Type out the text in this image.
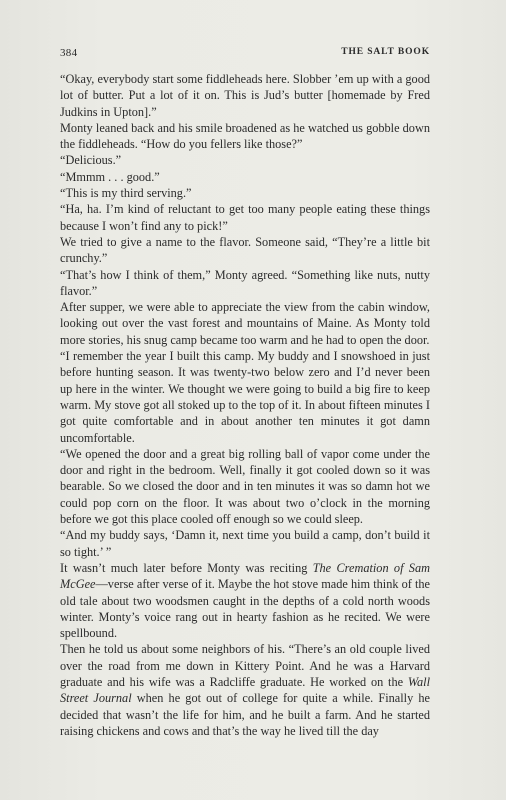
384	THE SALT BOOK

“Okay, everybody start some fiddleheads here. Slobber ’em up with a good lot of butter. Put a lot of it on. This is Jud’s butter [homemade by Fred Judkins in Upton].”

Monty leaned back and his smile broadened as he watched us gobble down the fiddleheads. “How do you fellers like those?”

“Delicious.”

“Mmmm . . . good.”

“This is my third serving.”

“Ha, ha. I’m kind of reluctant to get too many people eating these things because I won’t find any to pick!”

We tried to give a name to the flavor. Someone said, “They’re a little bit crunchy.”

“That’s how I think of them,” Monty agreed. “Something like nuts, nutty flavor.”

After supper, we were able to appreciate the view from the cabin window, looking out over the vast forest and mountains of Maine. As Monty told more stories, his snug camp became too warm and he had to open the door.

“I remember the year I built this camp. My buddy and I snowshoed in just before hunting season. It was twenty-two below zero and I’d never been up here in the winter. We thought we were going to build a big fire to keep warm. My stove got all stoked up to the top of it. In about fifteen minutes I got quite comfortable and in about another ten minutes it got damn uncomfortable.

“We opened the door and a great big rolling ball of vapor come under the door and right in the bedroom. Well, finally it got cooled down so it was bearable. So we closed the door and in ten minutes it was so damn hot we could pop corn on the floor. It was about two o’clock in the morning before we got this place cooled off enough so we could sleep.

“And my buddy says, ‘Damn it, next time you build a camp, don’t build it so tight.’ ”

It wasn’t much later before Monty was reciting The Cremation of Sam McGee—verse after verse of it. Maybe the hot stove made him think of the old tale about two woodsmen caught in the depths of a cold north woods winter. Monty’s voice rang out in hearty fashion as he recited. We were spellbound.

Then he told us about some neighbors of his. “There’s an old couple lived over the road from me down in Kittery Point. And he was a Harvard graduate and his wife was a Radcliffe graduate. He worked on the Wall Street Journal when he got out of college for quite a while. Finally he decided that wasn’t the life for him, and he built a farm. And he started raising chickens and cows and that’s the way he lived till the day
